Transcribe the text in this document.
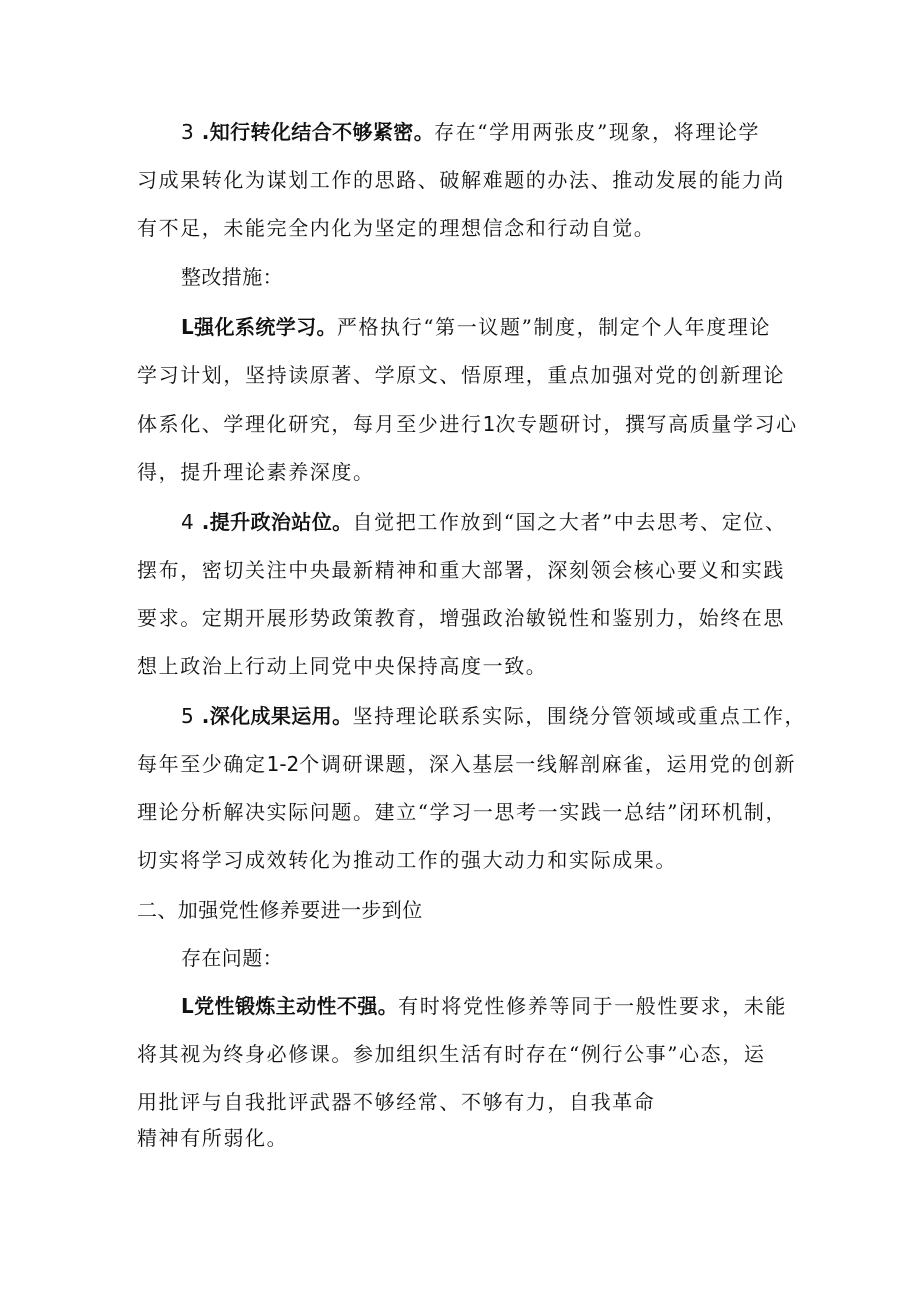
3 .知行转化结合不够紧密。存在“学用两张皮”现象，将理论学
习成果转化为谋划工作的思路、破解难题的办法、推动发展的能力尚
有不足，未能完全内化为坚定的理想信念和行动自觉。
整改措施：
L强化系统学习。严格执行“第一议题”制度，制定个人年度理论
学习计划，坚持读原著、学原文、悟原理，重点加强对党的创新理论
体系化、学理化研究，每月至少进行1次专题研讨，撰写高质量学习心
得，提升理论素养深度。
4 .提升政治站位。自觉把工作放到“国之大者”中去思考、定位、
摆布，密切关注中央最新精神和重大部署，深刻领会核心要义和实践
要求。定期开展形势政策教育，增强政治敏锐性和鉴别力，始终在思
想上政治上行动上同党中央保持高度一致。
5 .深化成果运用。坚持理论联系实际，围绕分管领域或重点工作，
每年至少确定1-2个调研课题，深入基层一线解剖麻雀，运用党的创新
理论分析解决实际问题。建立“学习一思考一实践一总结”闭环机制，
切实将学习成效转化为推动工作的强大动力和实际成果。
二、加强党性修养要进一步到位
存在问题：
L党性锻炼主动性不强。有时将党性修养等同于一般性要求，未能
将其视为终身必修课。参加组织生活有时存在“例行公事”心态，运
用批评与自我批评武器不够经常、不够有力，自我革命
精神有所弱化。
